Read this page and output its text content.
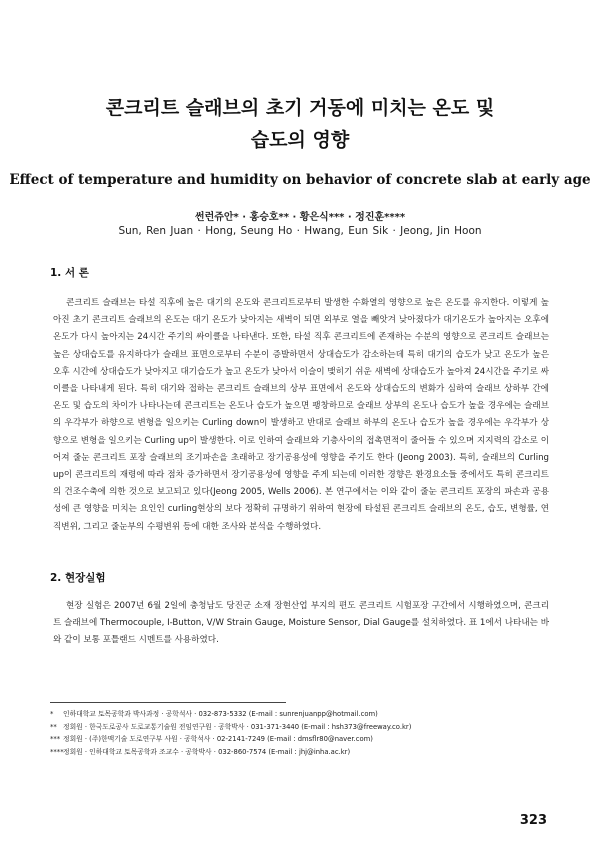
콘크리트 슬래브의 초기 거동에 미치는 온도 및
습도의 영향
Effect of temperature and humidity on behavior of concrete slab at early age
썬런쥬안* · 홍승호** · 황은식*** · 정진훈****
Sun, Ren Juan · Hong, Seung Ho · Hwang, Eun Sik · Jeong, Jin Hoon
1. 서 론

콘크리트 슬래브는 타설 직후에 높은 대기의 온도와 콘크리트로부터 발생한 수화열의 영향으로 높은 온도를 유지한다. 이렇게 높아진 초기 콘크리트 슬래브의 온도는 대기 온도가 낮아지는 새벽이 되면 외부로 열을 빼앗겨 낮아졌다가 대기온도가 높아지는 오후에 온도가 다시 높아지는 24시간 주기의 싸이클을 나타낸다. 또한, 타설 직후 콘크리트에 존재하는 수분의 영향으로 콘크리트 슬래브는 높은 상대습도를 유지하다가 슬래브 표면으로부터 수분이 증발하면서 상대습도가 감소하는데 특히 대기의 습도가 낮고 온도가 높은 오후 시간에 상대습도가 낮아지고 대기습도가 높고 온도가 낮아서 이슬이 맺히기 쉬운 새벽에 상대습도가 높아져 24시간을 주기로 싸이클을 나타내게 된다. 특히 대기와 접하는 콘크리트 슬래브의 상부 표면에서 온도와 상대습도의 변화가 심하여 슬래브 상하부 간에 온도 및 습도의 차이가 나타나는데 콘크리트는 온도나 습도가 높으면 팽창하므로 슬래브 상부의 온도나 습도가 높을 경우에는 슬래브의 우각부가 하향으로 변형을 일으키는 Curling down이 발생하고 반대로 슬래브 하부의 온도나 습도가 높을 경우에는 우각부가 상향으로 변형을 일으키는 Curling up이 발생한다. 이로 인하여 슬래브와 기층사이의 접촉면적이 줄어들 수 있으며 지지력의 감소로 이어져 줄눈 콘크리트 포장 슬래브의 조기파손을 초래하고 장기공용성에 영향을 주기도 한다 (Jeong 2003). 특히, 슬래브의 Curling up이 콘크리트의 재령에 따라 점차 증가하면서 장기공용성에 영향을 주게 되는데 이러한 경향은 환경요소들 중에서도 특히 콘크리트의 건조수축에 의한 것으로 보고되고 있다(Jeong 2005, Wells 2006). 본 연구에서는 이와 같이 줄눈 콘크리트 포장의 파손과 공용성에 큰 영향을 미치는 요인인 curling현상의 보다 정확히 규명하기 위하여 현장에 타설된 콘크리트 슬래브의 온도, 습도, 변형률, 연직변위, 그리고 줄눈부의 수평변위 등에 대한 조사와 분석을 수행하였다.

2. 현장실험

현장 실험은 2007년 6월 2일에 충청남도 당진군 소재 장현산업 부지의 편도 콘크리트 시험포장 구간에서 시행하였으며, 콘크리트 슬래브에 Thermocouple, I-Button, V/W Strain Gauge, Moisture Sensor, Dial Gauge를 설치하였다. 표 1에서 나타내는 바와 같이 보통 포틀랜드 시멘트를 사용하였다.

*	인하대학교 토목공학과 박사과정 · 공학석사 · 032-873-5332 (E-mail : sunrenjuanpp@hotmail.com)
** 정회원 · 한국도로공사 도로교통기술원 전임연구원 · 공학박사 · 031-371-3440 (E-mail : hsh373@freeway.co.kr)
*** 정회원 · (주)한맥기술 도로연구부 사원 · 공학석사 · 02-2141-7249 (E-mail : dmsflr80@naver.com)
**** 정회원 · 인하대학교 토목공학과 조교수 · 공학박사 · 032-860-7574 (E-mail : jhj@inha.ac.kr)
323
